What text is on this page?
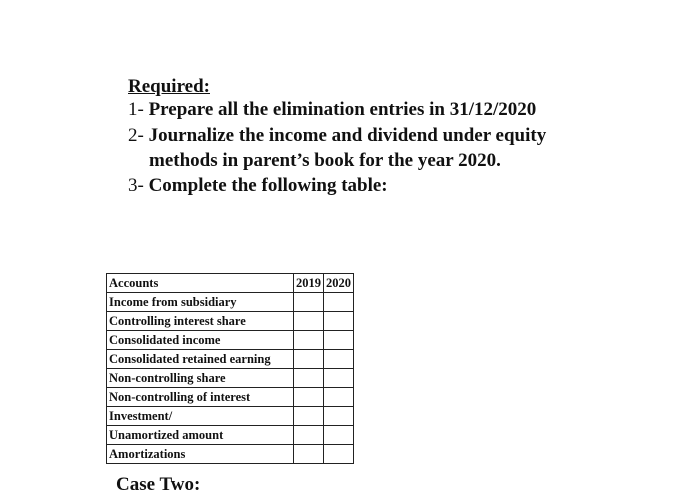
Required:
1- Prepare all the elimination entries in 31/12/2020
2- Journalize the income and dividend under equity
methods in parent’s book for the year 2020.
3- Complete the following table:
Accounts	2019	2020
Income from subsidiary		
Controlling interest share		
Consolidated income		
Consolidated retained earning		
Non-controlling share		
Non-controlling of interest		
Investment/		
Unamortized amount		
Amortizations		
Case Two:
